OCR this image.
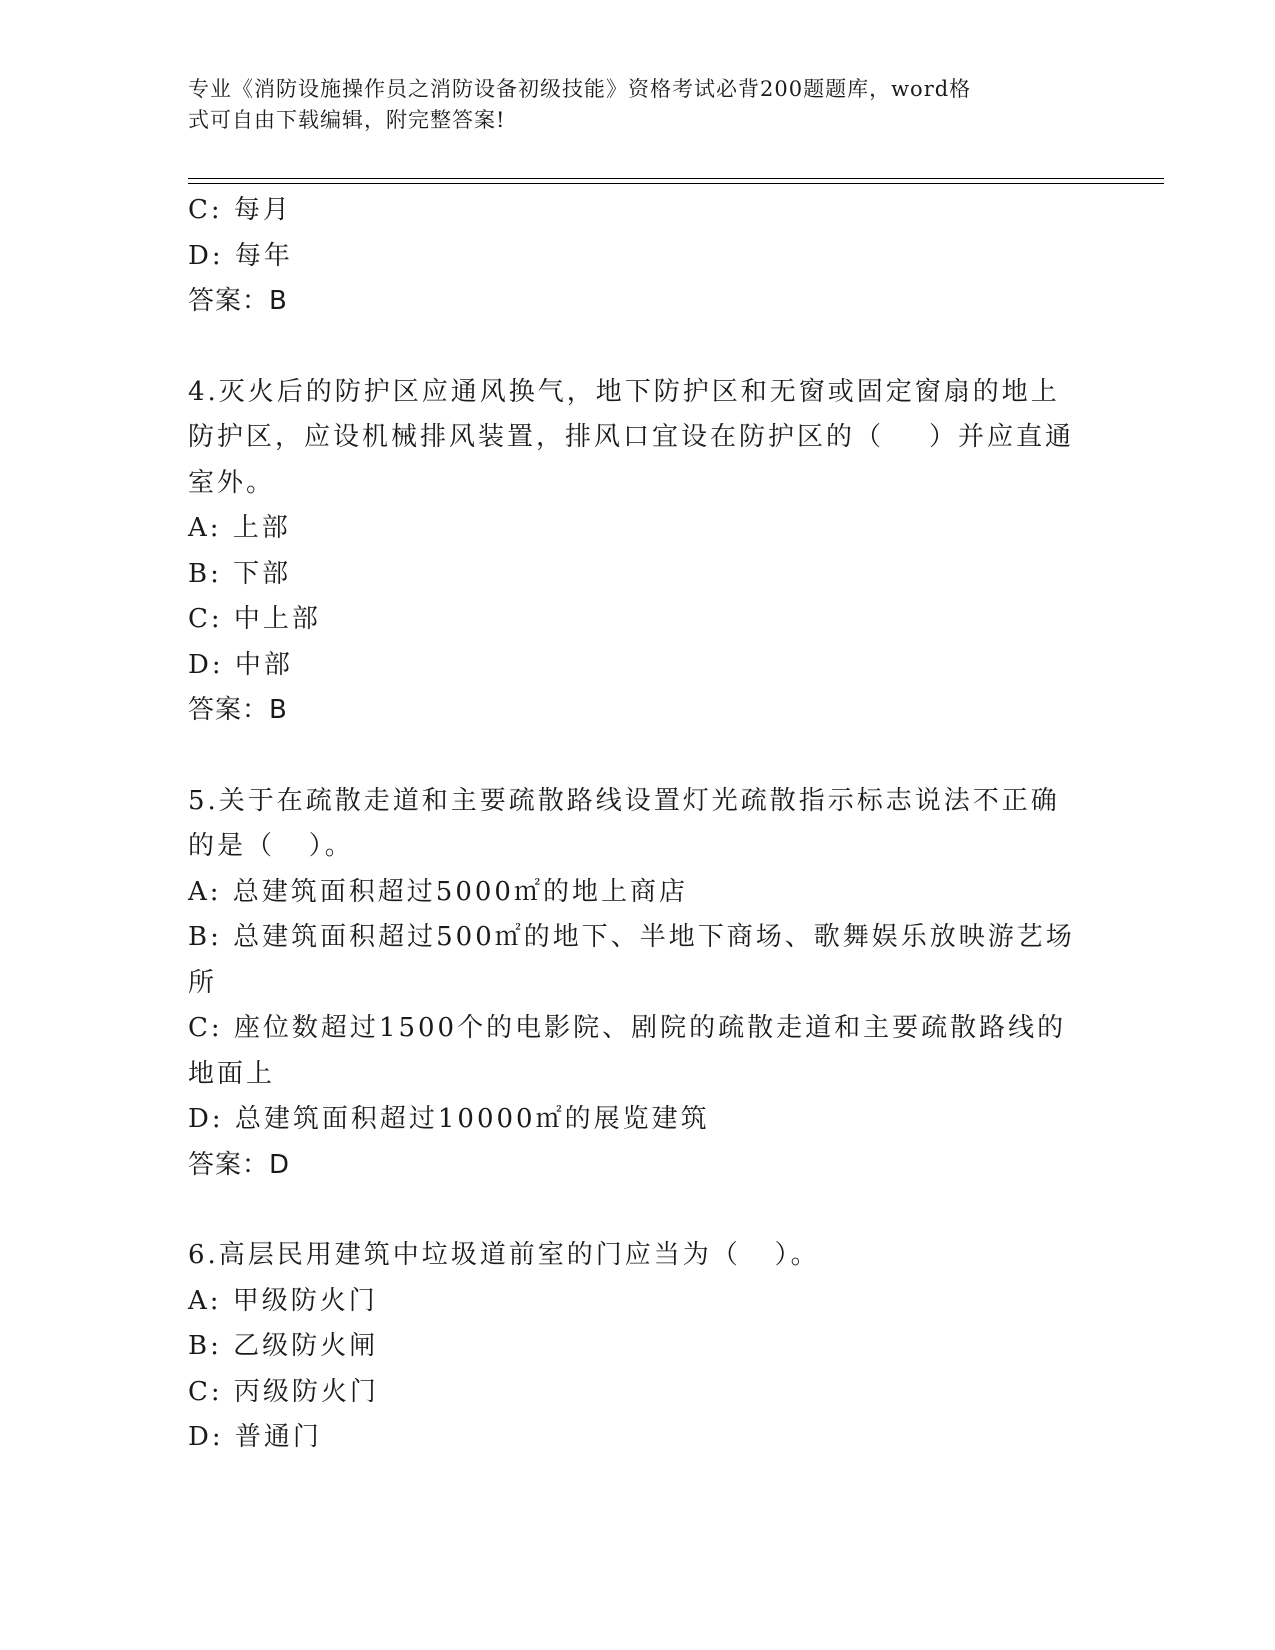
专业《消防设施操作员之消防设备初级技能》资格考试必背200题题库，word格
式可自由下载编辑，附完整答案!
C: 每月
D: 每年
答案：B
4.灭火后的防护区应通风换气，地下防护区和无窗或固定窗扇的地上
防护区，应设机械排风装置，排风口宜设在防护区的（    ）并应直通
室外。
A: 上部
B: 下部
C: 中上部
D: 中部
答案：B
5.关于在疏散走道和主要疏散路线设置灯光疏散指示标志说法不正确
的是（   ）。
A: 总建筑面积超过5000㎡的地上商店
B: 总建筑面积超过500㎡的地下、半地下商场、歌舞娱乐放映游艺场
所
C: 座位数超过1500个的电影院、剧院的疏散走道和主要疏散路线的
地面上
D: 总建筑面积超过10000㎡的展览建筑
答案：D
6.高层民用建筑中垃圾道前室的门应当为（   ）。
A: 甲级防火门
B: 乙级防火闸
C: 丙级防火门
D: 普通门
